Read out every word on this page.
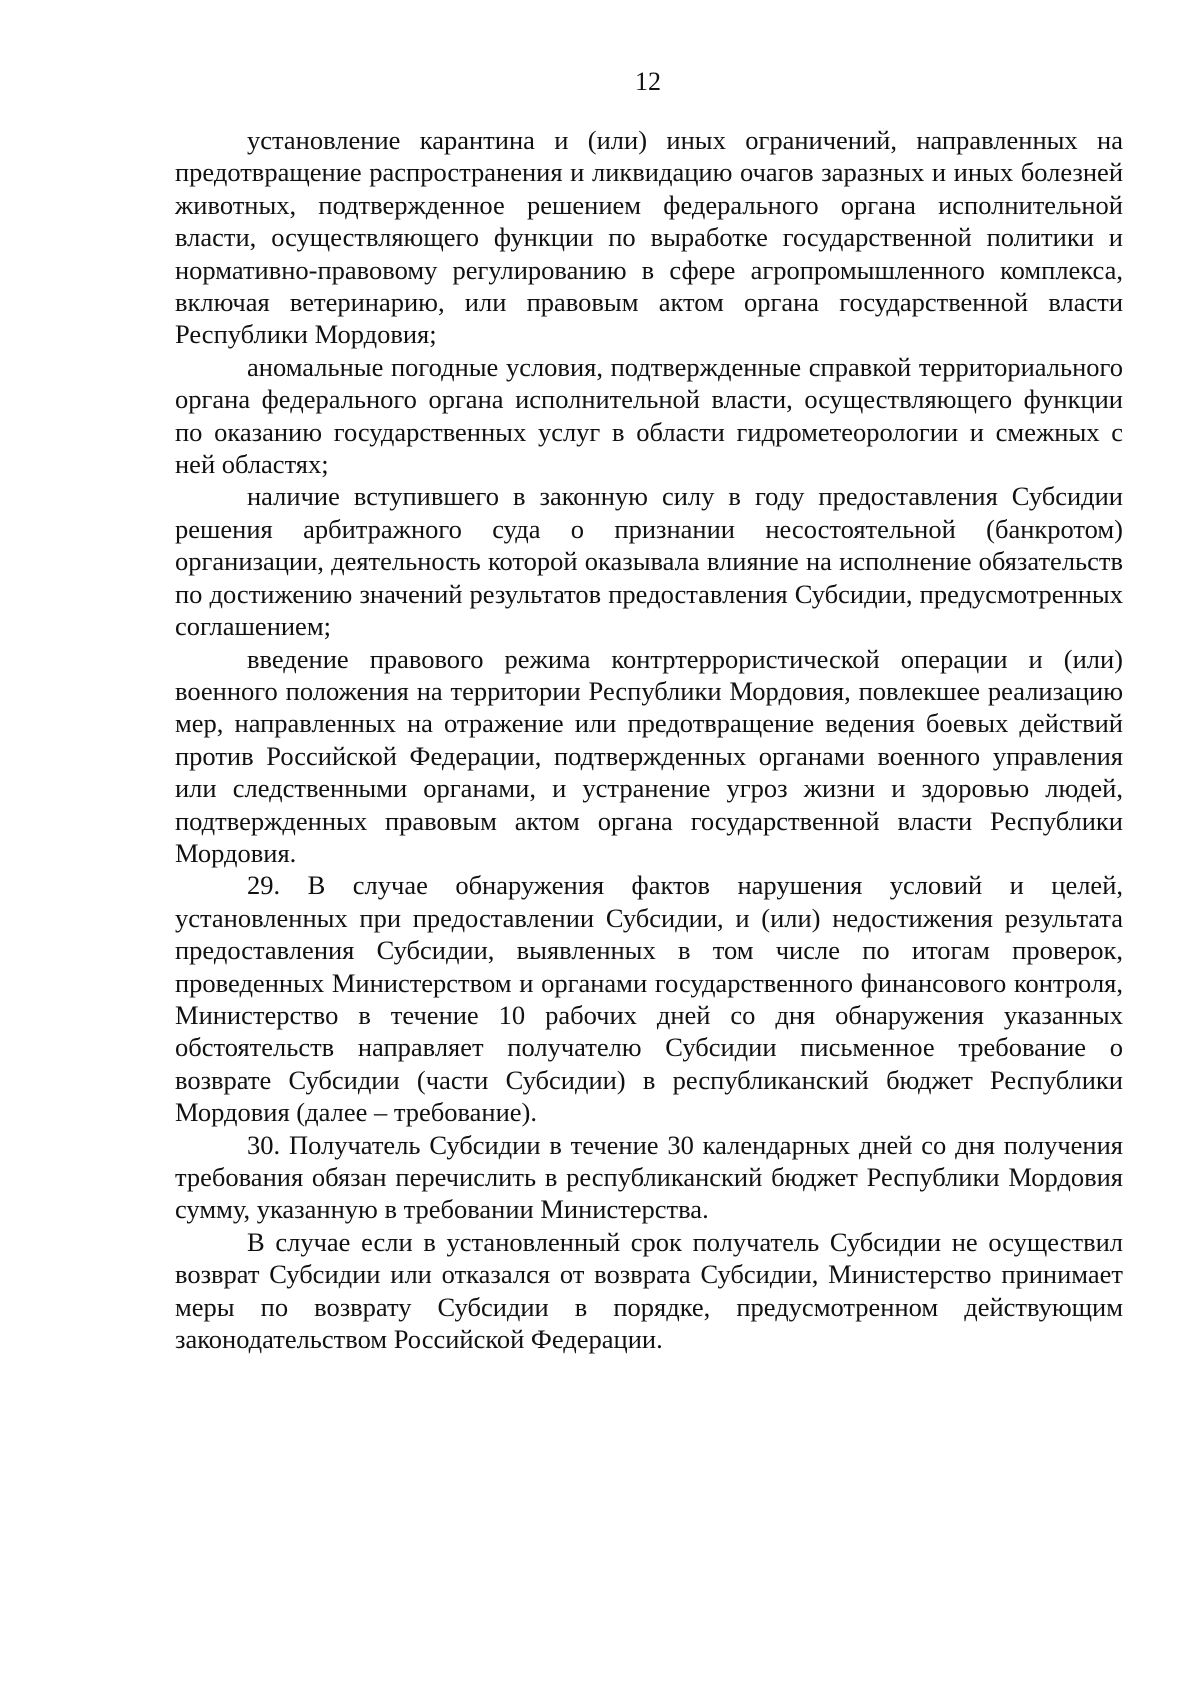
12

установление карантина и (или) иных ограничений, направленных на предотвращение распространения и ликвидацию очагов заразных и иных болезней животных, подтвержденное решением федерального органа исполнительной власти, осуществляющего функции по выработке государственной политики и нормативно-правовому регулированию в сфере агропромышленного комплекса, включая ветеринарию, или правовым актом органа государственной власти Республики Мордовия;

аномальные погодные условия, подтвержденные справкой территориального органа федерального органа исполнительной власти, осуществляющего функции по оказанию государственных услуг в области гидрометеорологии и смежных с ней областях;

наличие вступившего в законную силу в году предоставления Субсидии решения арбитражного суда о признании несостоятельной (банкротом) организации, деятельность которой оказывала влияние на исполнение обязательств по достижению значений результатов предоставления Субсидии, предусмотренных соглашением;

введение правового режима контртеррористической операции и (или) военного положения на территории Республики Мордовия, повлекшее реализацию мер, направленных на отражение или предотвращение ведения боевых действий против Российской Федерации, подтвержденных органами военного управления или следственными органами, и устранение угроз жизни и здоровью людей, подтвержденных правовым актом органа государственной власти Республики Мордовия.

29. В случае обнаружения фактов нарушения условий и целей, установленных при предоставлении Субсидии, и (или) недостижения результата предоставления Субсидии, выявленных в том числе по итогам проверок, проведенных Министерством и органами государственного финансового контроля, Министерство в течение 10 рабочих дней со дня обнаружения указанных обстоятельств направляет получателю Субсидии письменное требование о возврате Субсидии (части Субсидии) в республиканский бюджет Республики Мордовия (далее – требование).

30. Получатель Субсидии в течение 30 календарных дней со дня получения требования обязан перечислить в республиканский бюджет Республики Мордовия сумму, указанную в требовании Министерства.

В случае если в установленный срок получатель Субсидии не осуществил возврат Субсидии или отказался от возврата Субсидии, Министерство принимает меры по возврату Субсидии в порядке, предусмотренном действующим законодательством Российской Федерации.
